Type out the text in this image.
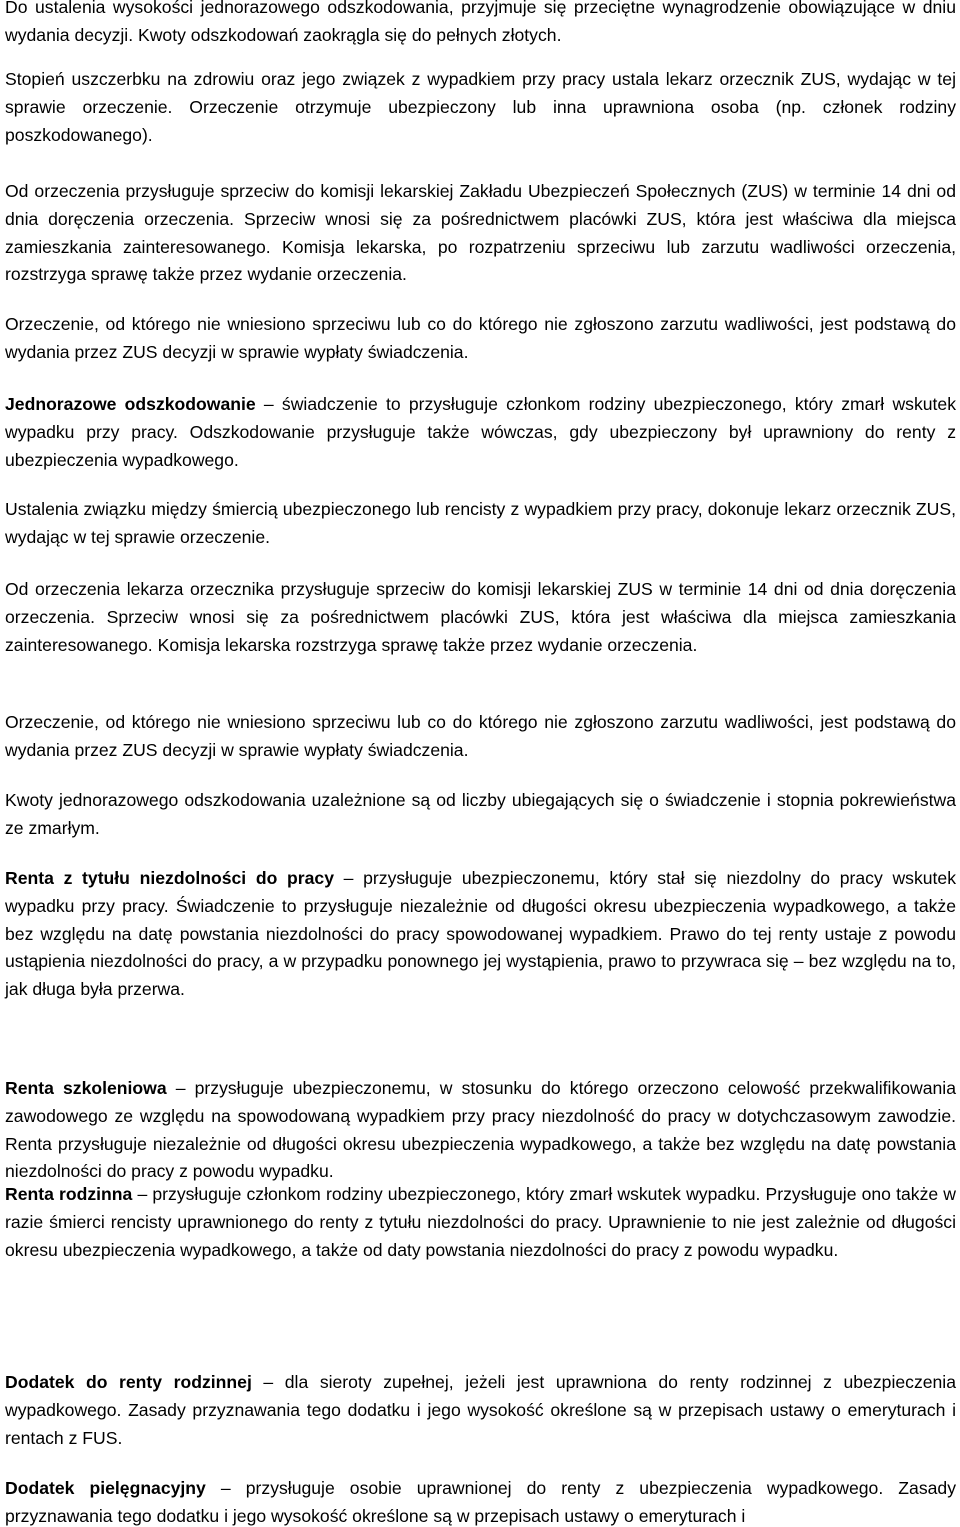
Do ustalenia wysokości jednorazowego odszkodowania, przyjmuje się przeciętne wynagrodzenie obowiązujące w dniu wydania decyzji. Kwoty odszkodowań zaokrągla się do pełnych złotych.

Stopień uszczerbku na zdrowiu oraz jego związek z wypadkiem przy pracy ustala lekarz orzecznik ZUS, wydając w tej sprawie orzeczenie. Orzeczenie otrzymuje ubezpieczony lub inna uprawniona osoba (np. członek rodziny poszkodowanego).

Od orzeczenia przysługuje sprzeciw do komisji lekarskiej Zakładu Ubezpieczeń Społecznych (ZUS) w terminie 14 dni od dnia doręczenia orzeczenia. Sprzeciw wnosi się za pośrednictwem placówki ZUS, która jest właściwa dla miejsca zamieszkania zainteresowanego. Komisja lekarska, po rozpatrzeniu sprzeciwu lub zarzutu wadliwości orzeczenia, rozstrzyga sprawę także przez wydanie orzeczenia.

Orzeczenie, od którego nie wniesiono sprzeciwu lub co do którego nie zgłoszono zarzutu wadliwości, jest podstawą do wydania przez ZUS decyzji w sprawie wypłaty świadczenia.

Jednorazowe odszkodowanie – świadczenie to przysługuje członkom rodziny ubezpieczonego, który zmarł wskutek wypadku przy pracy. Odszkodowanie przysługuje także wówczas, gdy ubezpieczony był uprawniony do renty z ubezpieczenia wypadkowego.

Ustalenia związku między śmiercią ubezpieczonego lub rencisty z wypadkiem przy pracy, dokonuje lekarz orzecznik ZUS, wydając w tej sprawie orzeczenie.

Od orzeczenia lekarza orzecznika przysługuje sprzeciw do komisji lekarskiej ZUS w terminie 14 dni od dnia doręczenia orzeczenia. Sprzeciw wnosi się za pośrednictwem placówki ZUS, która jest właściwa dla miejsca zamieszkania zainteresowanego. Komisja lekarska rozstrzyga sprawę także przez wydanie orzeczenia.

Orzeczenie, od którego nie wniesiono sprzeciwu lub co do którego nie zgłoszono zarzutu wadliwości, jest podstawą do wydania przez ZUS decyzji w sprawie wypłaty świadczenia.

Kwoty jednorazowego odszkodowania uzależnione są od liczby ubiegających się o świadczenie i stopnia pokrewieństwa ze zmarłym.

Renta z tytułu niezdolności do pracy – przysługuje ubezpieczonemu, który stał się niezdolny do pracy wskutek wypadku przy pracy. Świadczenie to przysługuje niezależnie od długości okresu ubezpieczenia wypadkowego, a także bez względu na datę powstania niezdolności do pracy spowodowanej wypadkiem. Prawo do tej renty ustaje z powodu ustąpienia niezdolności do pracy, a w przypadku ponownego jej wystąpienia, prawo to przywraca się – bez względu na to, jak długa była przerwa.

Renta szkoleniowa – przysługuje ubezpieczonemu, w stosunku do którego orzeczono celowość przekwalifikowania zawodowego ze względu na spowodowaną wypadkiem przy pracy niezdolność do pracy w dotychczasowym zawodzie. Renta przysługuje niezależnie od długości okresu ubezpieczenia wypadkowego, a także bez względu na datę powstania niezdolności do pracy z powodu wypadku.

Renta rodzinna – przysługuje członkom rodziny ubezpieczonego, który zmarł wskutek wypadku. Przysługuje ono także w razie śmierci rencisty uprawnionego do renty z tytułu niezdolności do pracy. Uprawnienie to nie jest zależnie od długości okresu ubezpieczenia wypadkowego, a także od daty powstania niezdolności do pracy z powodu wypadku.

Dodatek do renty rodzinnej – dla sieroty zupełnej, jeżeli jest uprawniona do renty rodzinnej z ubezpieczenia wypadkowego. Zasady przyznawania tego dodatku i jego wysokość określone są w przepisach ustawy o emeryturach i rentach z FUS.

Dodatek pielęgnacyjny – przysługuje osobie uprawnionej do renty z ubezpieczenia wypadkowego. Zasady przyznawania tego dodatku i jego wysokość określone są w przepisach ustawy o emeryturach i
